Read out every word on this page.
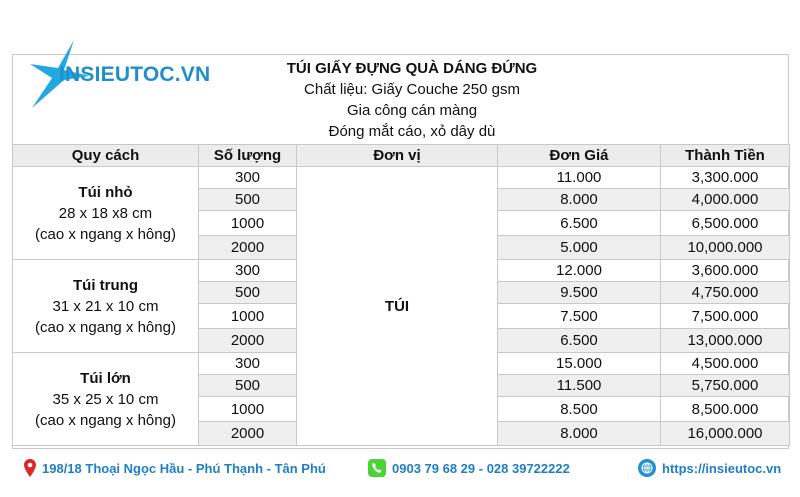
TÚI GIẤY ĐỰNG QUÀ DÁNG ĐỨNG
Chất liệu: Giấy Couche 250 gsm
Gia công cán màng
Đóng mắt cáo, xỏ dây dù
INSIEUTOC.VN
Quy cách	Số lượng	Đơn vị	Đơn Giá	Thành Tiền

Túi nhỏ
28 x 18 x8 cm
(cao x ngang x hông)	300	TÚI	11.000	3,300.000
	500		8.000	4,000.000
	1000		6.500	6,500.000
	2000		5.000	10,000.000

Túi trung
31 x 21 x 10 cm
(cao x ngang x hông)	300		12.000	3,600.000
	500		9.500	4,750.000
	1000		7.500	7,500.000
	2000		6.500	13,000.000

Túi lớn
35 x 25 x 10 cm
(cao x ngang x hông)	300		15.000	4,500.000
	500		11.500	5,750.000
	1000		8.500	8,500.000
	2000		8.000	16,000.000
198/18 Thoại Ngọc Hầu - Phú Thạnh - Tân Phú	0903 79 68 29 - 028 39722222	https://insieutoc.vn
